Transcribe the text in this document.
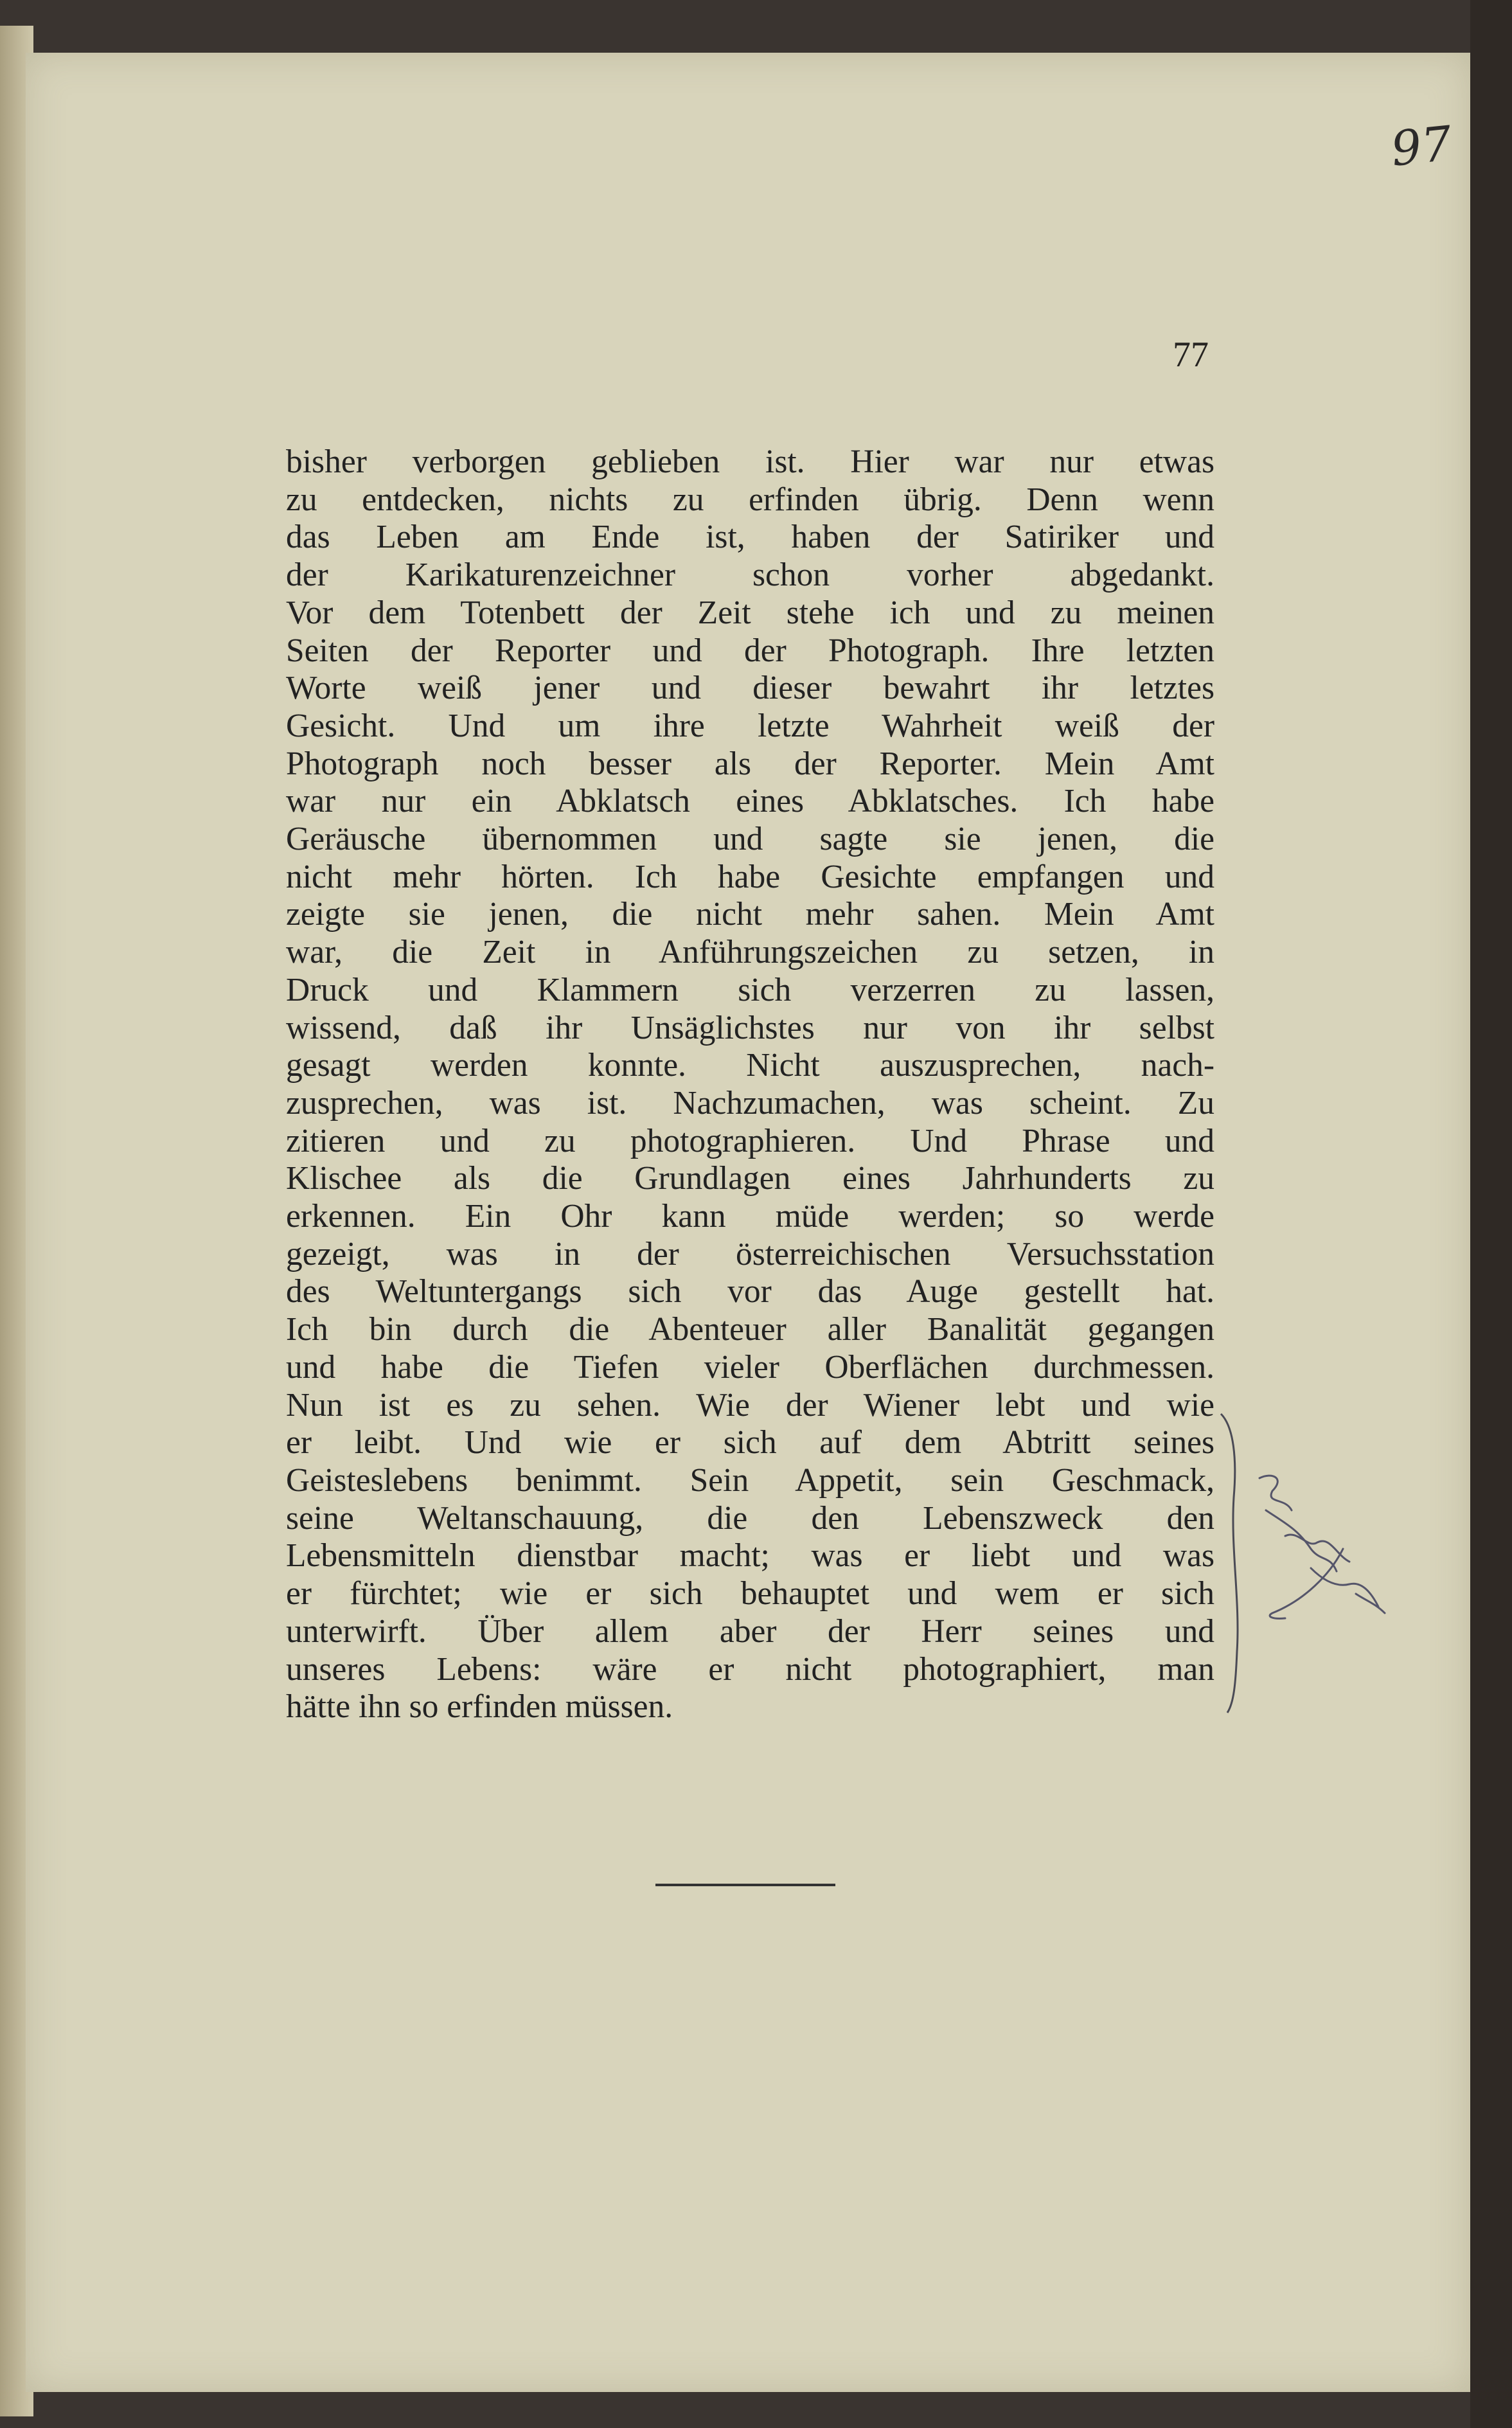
97
77
bisher verborgen geblieben ist. Hier war nur etwas
zu entdecken, nichts zu erfinden übrig. Denn wenn
das Leben am Ende ist, haben der Satiriker und
der Karikaturenzeichner schon vorher abgedankt.
Vor dem Totenbett der Zeit stehe ich und zu meinen
Seiten der Reporter und der Photograph. Ihre letzten
Worte weiß jener und dieser bewahrt ihr letztes
Gesicht. Und um ihre letzte Wahrheit weiß der
Photograph noch besser als der Reporter. Mein Amt
war nur ein Abklatsch eines Abklatsches. Ich habe
Geräusche übernommen und sagte sie jenen, die
nicht mehr hörten. Ich habe Gesichte empfangen und
zeigte sie jenen, die nicht mehr sahen. Mein Amt
war, die Zeit in Anführungszeichen zu setzen, in
Druck und Klammern sich verzerren zu lassen,
wissend, daß ihr Unsäglichstes nur von ihr selbst
gesagt werden konnte. Nicht auszusprechen, nach-
zusprechen, was ist. Nachzumachen, was scheint. Zu
zitieren und zu photographieren. Und Phrase und
Klischee als die Grundlagen eines Jahrhunderts zu
erkennen. Ein Ohr kann müde werden; so werde
gezeigt, was in der österreichischen Versuchsstation
des Weltuntergangs sich vor das Auge gestellt hat.
Ich bin durch die Abenteuer aller Banalität gegangen
und habe die Tiefen vieler Oberflächen durchmessen.
Nun ist es zu sehen. Wie der Wiener lebt und wie
er leibt. Und wie er sich auf dem Abtritt seines
Geisteslebens benimmt. Sein Appetit, sein Geschmack,
seine Weltanschauung, die den Lebenszweck den
Lebensmitteln dienstbar macht; was er liebt und was
er fürchtet; wie er sich behauptet und wem er sich
unterwirft. Über allem aber der Herr seines und
unseres Lebens: wäre er nicht photographiert, man
hätte ihn so erfinden müssen.
